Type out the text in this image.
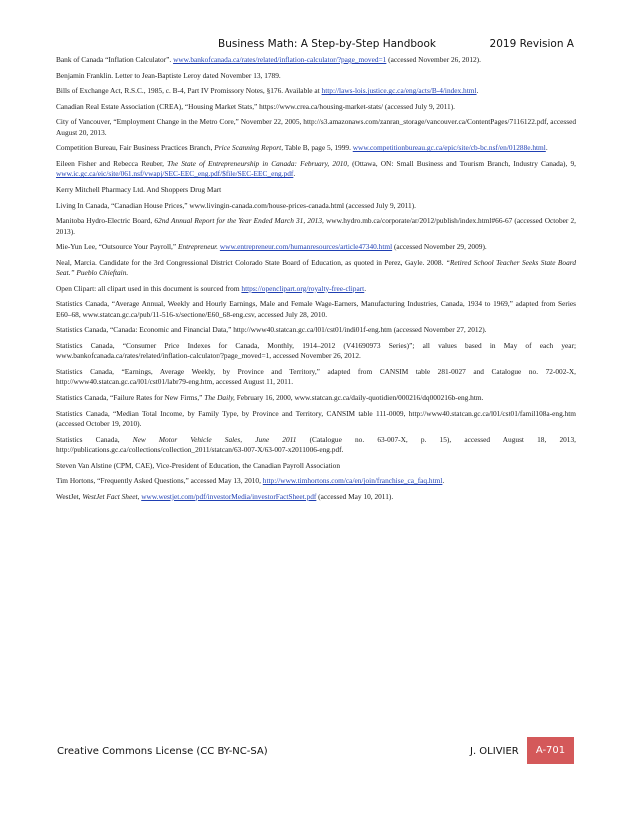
Business Math: A Step-by-Step Handbook	2019 Revision A

Bank of Canada “Inflation Calculator”. www.bankofcanada.ca/rates/related/inflation-calculator/?page_moved=1 (accessed November 26, 2012).

Benjamin Franklin. Letter to Jean-Baptiste Leroy dated November 13, 1789.

Bills of Exchange Act, R.S.C., 1985, c. B-4, Part IV Promissory Notes, §176. Available at http://laws-lois.justice.gc.ca/eng/acts/B-4/index.html.

Canadian Real Estate Association (CREA), “Housing Market Stats,” https://www.crea.ca/housing-market-stats/ (accessed July 9, 2011).

City of Vancouver, “Employment Change in the Metro Core,” November 22, 2005, http://s3.amazonaws.com/zanran_storage/vancouver.ca/ContentPages/7116122.pdf, accessed August 20, 2013.

Competition Bureau, Fair Business Practices Branch, Price Scanning Report, Table B, page 5, 1999. www.competitionbureau.gc.ca/epic/site/cb-bc.nsf/en/01288e.html.

Eileen Fisher and Rebecca Reuber, The State of Entrepreneurship in Canada: February, 2010, (Ottawa, ON: Small Business and Tourism Branch, Industry Canada), 9, www.ic.gc.ca/eic/site/061.nsf/vwapj/SEC-EEC_eng.pdf/$file/SEC-EEC_eng.pdf.

Kerry Mitchell Pharmacy Ltd. And Shoppers Drug Mart

Living In Canada, “Canadian House Prices,” www.livingin-canada.com/house-prices-canada.html (accessed July 9, 2011).

Manitoba Hydro-Electric Board, 62nd Annual Report for the Year Ended March 31, 2013, www.hydro.mb.ca/corporate/ar/2012/publish/index.html#66-67 (accessed October 2, 2013).

Mie-Yun Lee, “Outsource Your Payroll,” Entrepreneur. www.entrepreneur.com/humanresources/article47340.html (accessed November 29, 2009).

Neal, Marcia. Candidate for the 3rd Congressional District Colorado State Board of Education, as quoted in Perez, Gayle. 2008. “Retired School Teacher Seeks State Board Seat.” Pueblo Chieftain.

Open Clipart: all clipart used in this document is sourced from https://openclipart.org/royalty-free-clipart.

Statistics Canada, “Average Annual, Weekly and Hourly Earnings, Male and Female Wage-Earners, Manufacturing Industries, Canada, 1934 to 1969,” adapted from Series E60–68, www.statcan.gc.ca/pub/11-516-x/sectione/E60_68-eng.csv, accessed July 28, 2010.

Statistics Canada, “Canada: Economic and Financial Data,” http://www40.statcan.gc.ca/l01/cst01/indi01f-eng.htm (accessed November 27, 2012).

Statistics Canada, “Consumer Price Indexes for Canada, Monthly, 1914–2012 (V41690973 Series)”; all values based in May of each year; www.bankofcanada.ca/rates/related/inflation-calculator/?page_moved=1, accessed November 26, 2012.

Statistics Canada, “Earnings, Average Weekly, by Province and Territory,” adapted from CANSIM table 281-0027 and Catalogue no. 72-002-X, http://www40.statcan.gc.ca/l01/cst01/labr79-eng.htm, accessed August 11, 2011.

Statistics Canada, “Failure Rates for New Firms,” The Daily, February 16, 2000, www.statcan.gc.ca/daily-quotidien/000216/dq000216b-eng.htm.

Statistics Canada, “Median Total Income, by Family Type, by Province and Territory, CANSIM table 111-0009, http://www40.statcan.gc.ca/l01/cst01/famil108a-eng.htm (accessed October 19, 2010).

Statistics Canada, New Motor Vehicle Sales, June 2011 (Catalogue no. 63-007-X, p. 15), accessed August 18, 2013, http://publications.gc.ca/collections/collection_2011/statcan/63-007-X/63-007-x2011006-eng.pdf.

Steven Van Alstine (CPM, CAE), Vice-President of Education, the Canadian Payroll Association

Tim Hortons, “Frequently Asked Questions,” accessed May 13, 2010, http://www.timhortons.com/ca/en/join/franchise_ca_faq.html.

WestJet, WestJet Fact Sheet, www.westjet.com/pdf/investorMedia/investorFactSheet.pdf (accessed May 10, 2011).

Creative Commons License (CC BY-NC-SA)	J. OLIVIER	A-701
